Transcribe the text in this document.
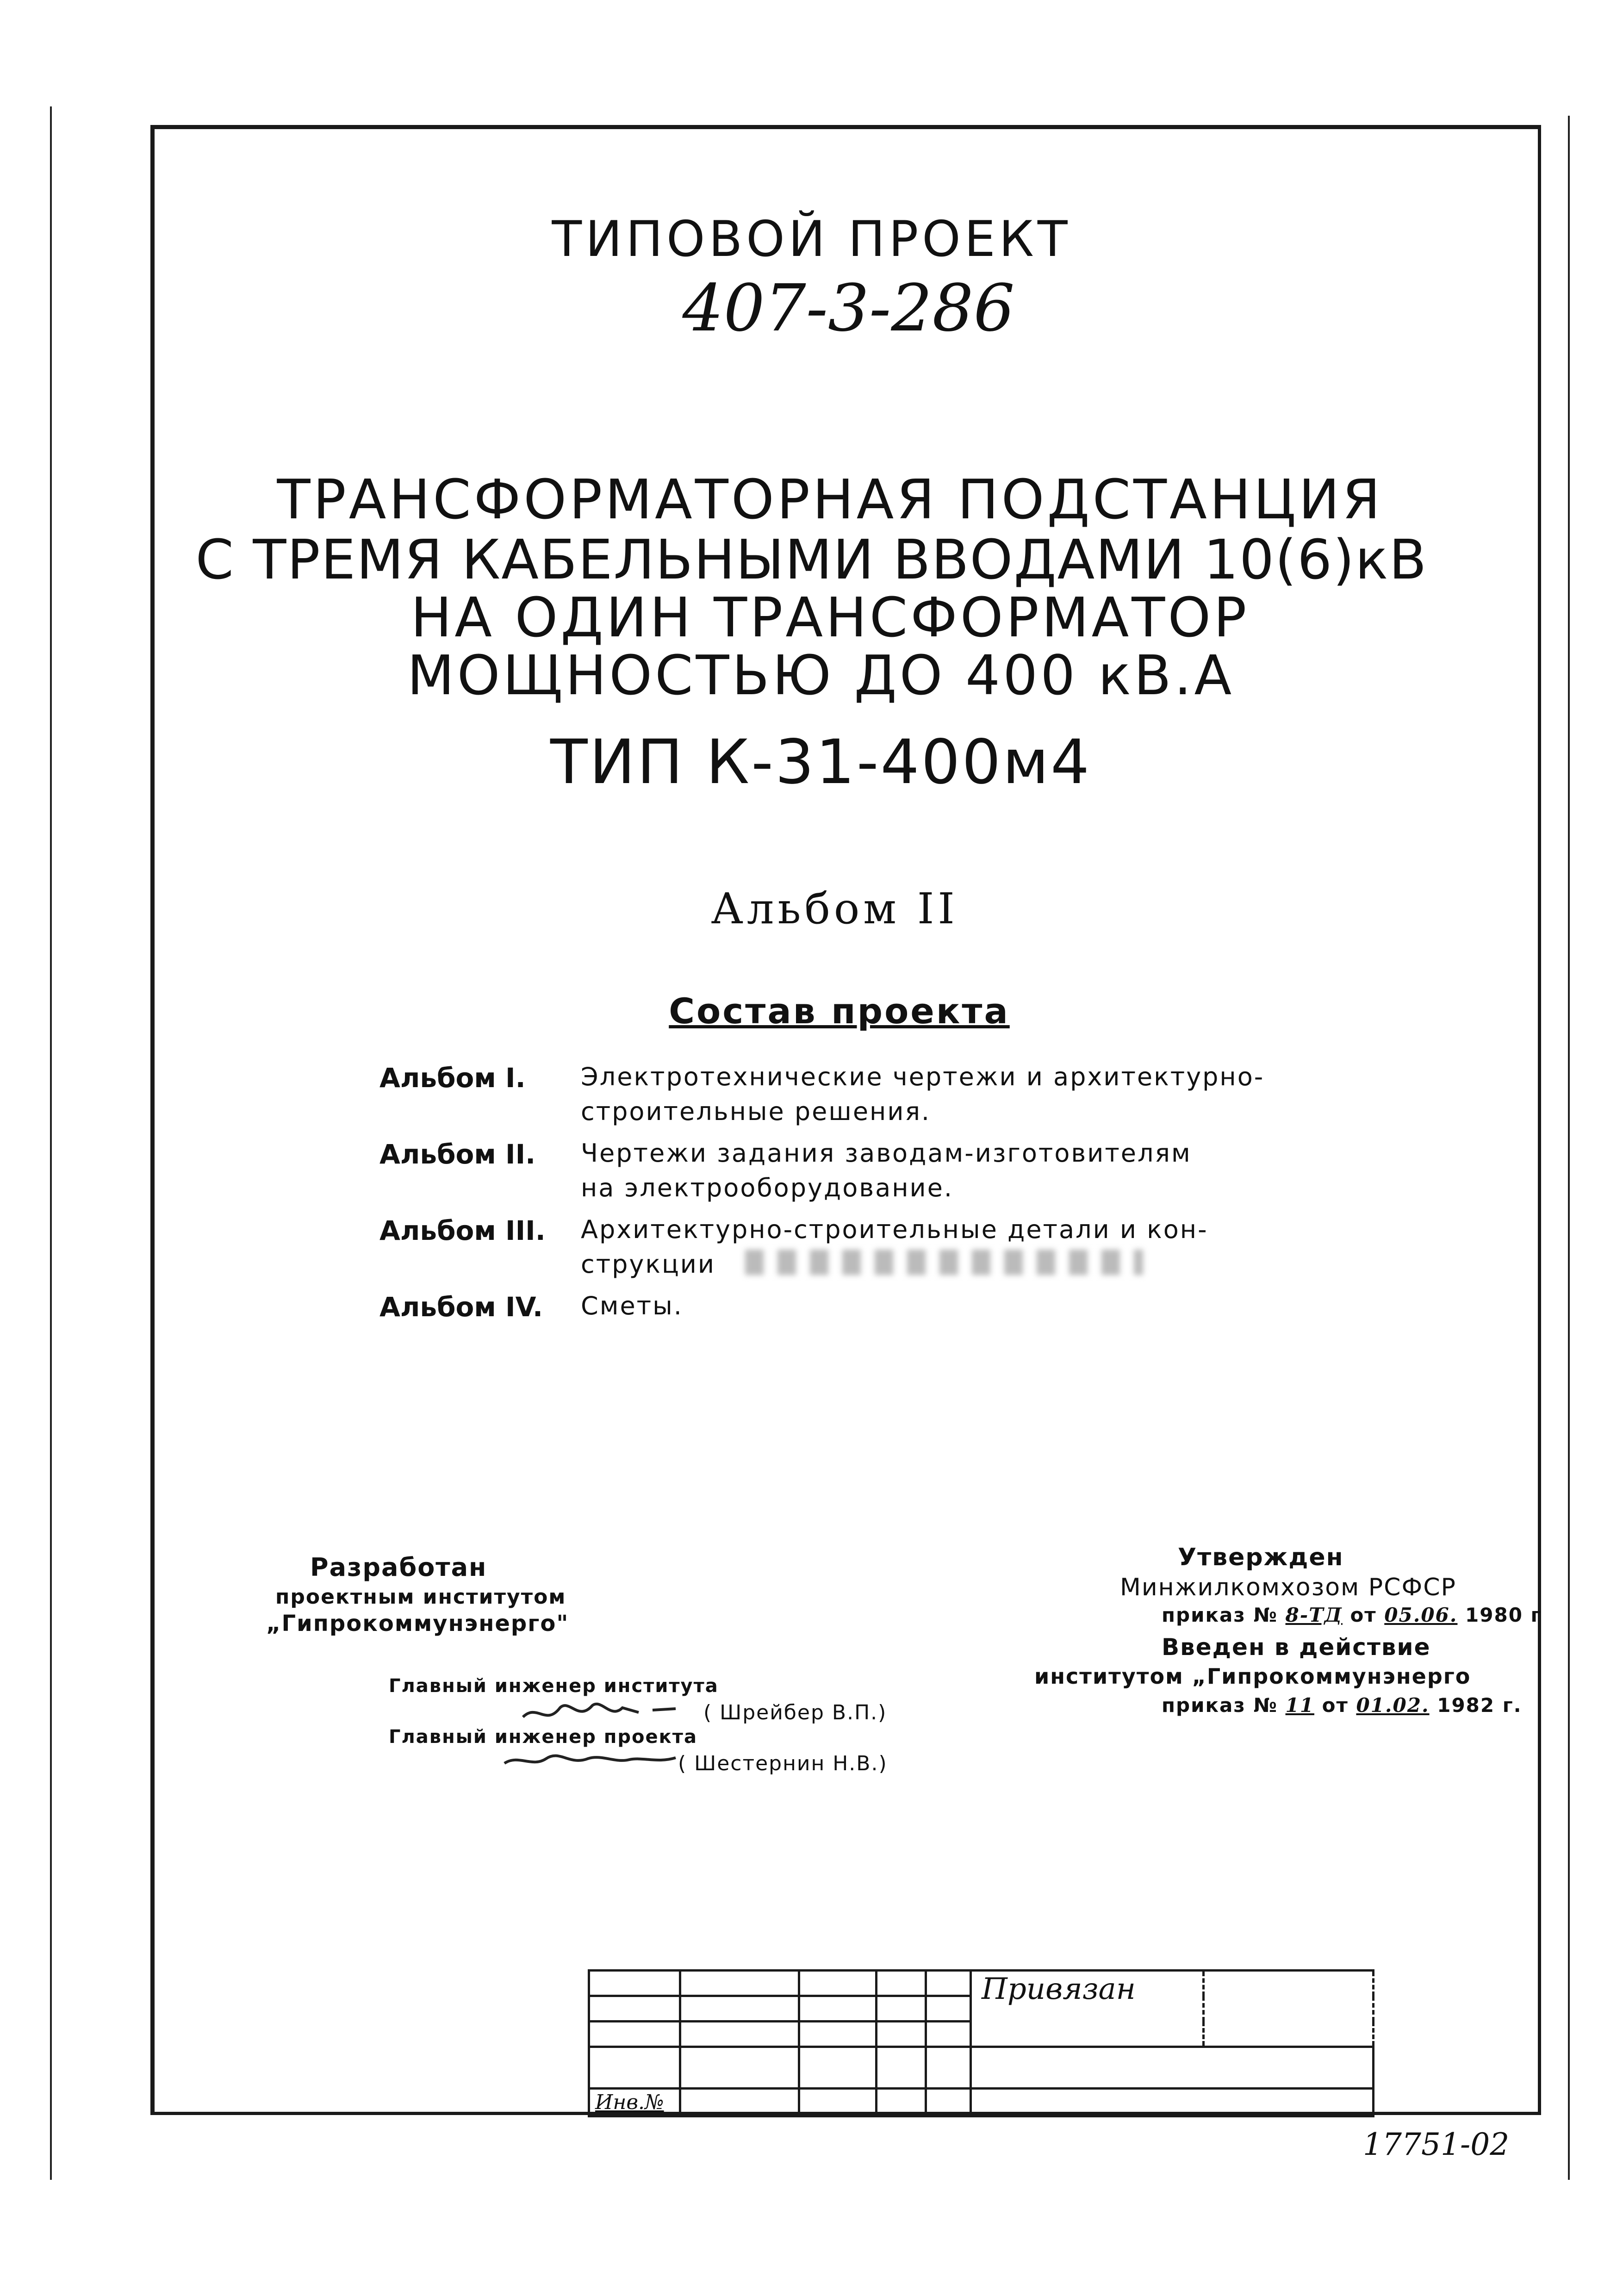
ТИПОВОЙ ПРОЕКТ
407-3-286
ТРАНСФОРМАТОРНАЯ ПОДСТАНЦИЯ
С ТРЕМЯ КАБЕЛЬНЫМИ ВВОДАМИ 10(6)кВ
НА ОДИН ТРАНСФОРМАТОР
МОЩНОСТЬЮ ДО 400 кВ.А
ТИП К-31-400м4
Альбом II
Состав проекта
Альбом I. Электротехнические чертежи и архитектурно-
строительные решения.
Альбом II. Чертежи задания заводам-изготовителям
на электрооборудование.
Альбом III. Архитектурно-строительные детали и кон-
струкции
Альбом IV. Сметы.
Разработан
проектным институтом
„Гипрокоммунэнерго"
Главный инженер института
( Шрейбер В.П.)
Главный инженер проекта
( Шестернин Н.В.)
Утвержден
Минжилкомхозом РСФСР
приказ № 8-ТД от 05.06. 1980 г
Введен в действие
институтом „Гипрокоммунэнерго
приказ № 11 от 01.02. 1982 г.
					Привязан	

Инв.№						
17751-02
